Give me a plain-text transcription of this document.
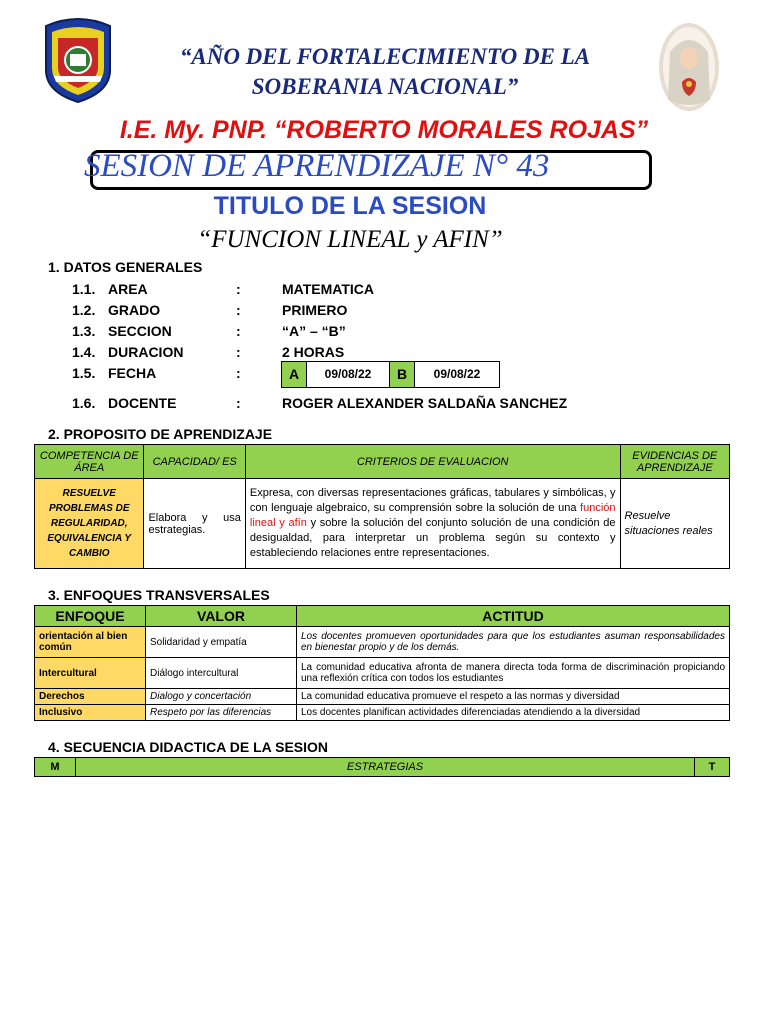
“AÑO DEL FORTALECIMIENTO DE LA
SOBERANIA NACIONAL”
I.E. My. PNP. “ROBERTO MORALES ROJAS”
SESION DE APRENDIZAJE N° 43
TITULO DE LA SESION
“FUNCION LINEAL y AFIN”
1. DATOS GENERALES
1.1. AREA	:	MATEMATICA
1.2. GRADO	:	PRIMERO
1.3. SECCION	:	“A” – “B”
1.4. DURACION	:	2 HORAS
1.5. FECHA	:	A	09/08/22	B	09/08/22
1.6. DOCENTE	:	ROGER ALEXANDER SALDAÑA SANCHEZ
2. PROPOSITO DE APRENDIZAJE
COMPETENCIA DE ÁREA	CAPACIDAD/ ES	CRITERIOS DE EVALUACION	EVIDENCIAS DE APRENDIZAJE
RESUELVE PROBLEMAS DE REGULARIDAD, EQUIVALENCIA Y CAMBIO	Elabora y usa estrategias.	Expresa, con diversas representaciones gráficas, tabulares y simbólicas, y con lenguaje algebraico, su comprensión sobre la solución de una función lineal y afín y sobre la solución del conjunto solución de una condición de desigualdad, para interpretar un problema según su contexto y estableciendo relaciones entre representaciones.	Resuelve situaciones reales
3. ENFOQUES TRANSVERSALES
ENFOQUE	VALOR	ACTITUD
orientación al bien común	Solidaridad y empatía	Los docentes promueven oportunidades para que los estudiantes asuman responsabilidades en bienestar propio y de los demás.
Intercultural	Diálogo intercultural	La comunidad educativa afronta de manera directa toda forma de discriminación propiciando una reflexión crítica con todos los estudiantes
Derechos	Dialogo y concertación	La comunidad educativa promueve el respeto a las normas y diversidad
Inclusivo	Respeto por las diferencias	Los docentes planifican actividades diferenciadas atendiendo a la diversidad
4. SECUENCIA DIDACTICA DE LA SESION
M	ESTRATEGIAS	T
